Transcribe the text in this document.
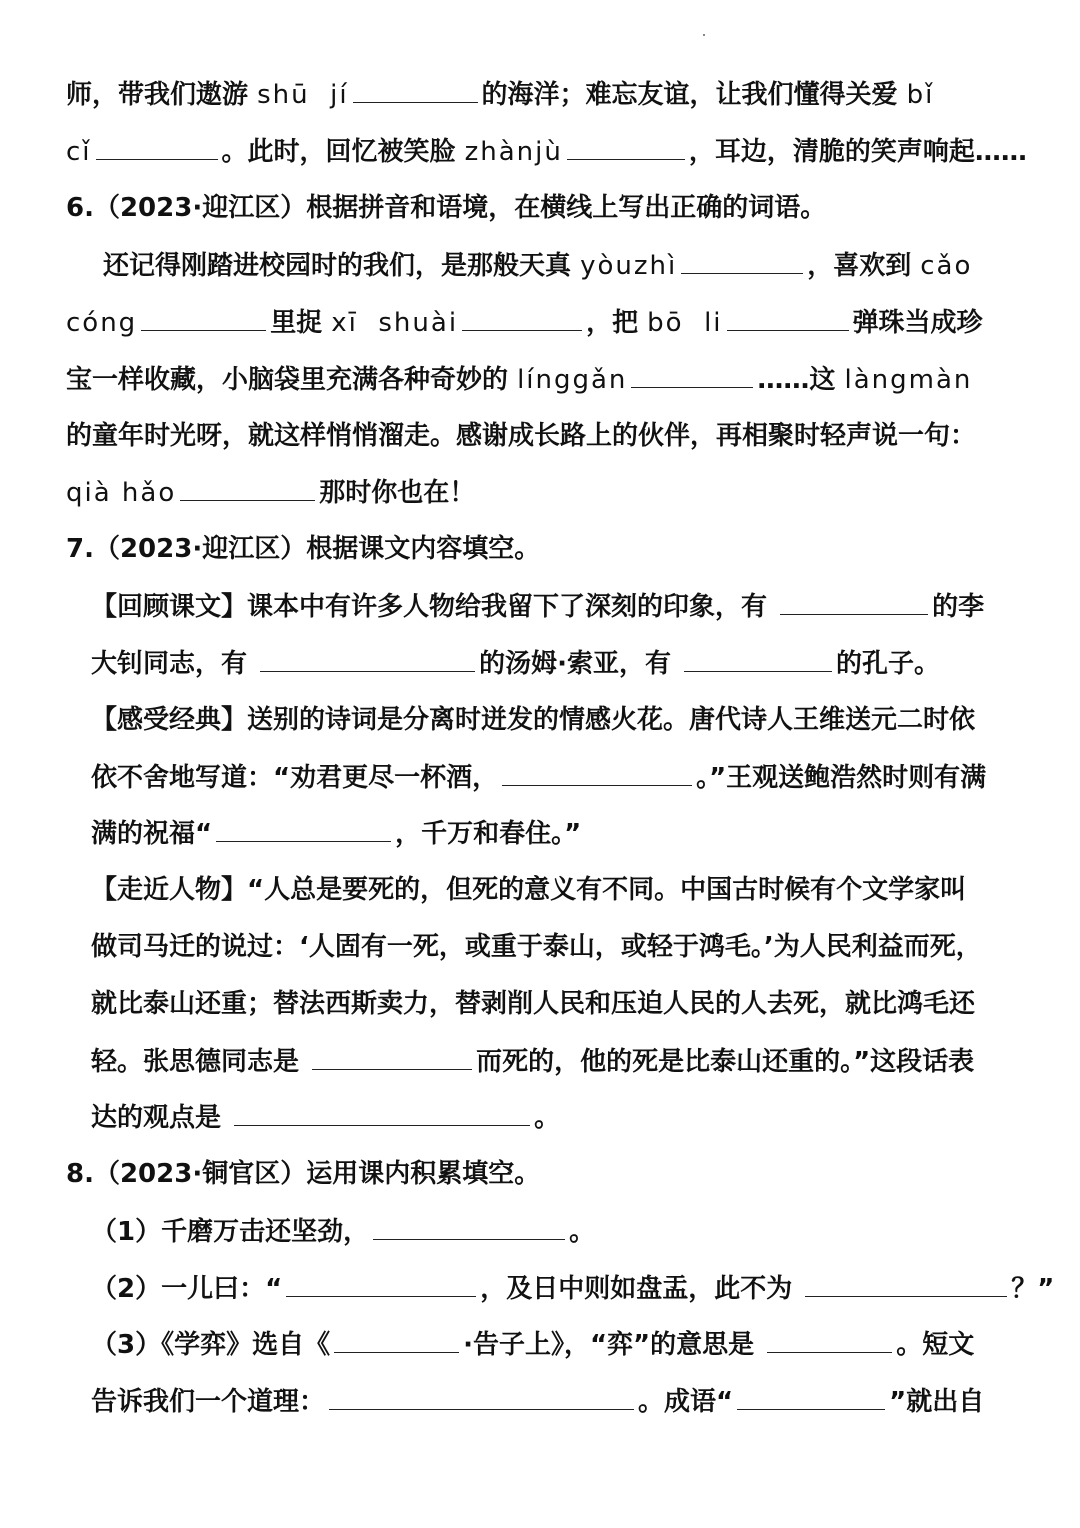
师，带我们遨游 shū  jí	的海洋；难忘友谊，让我们懂得关爱 bǐ
cǐ	。此时，回忆被笑脸 zhànjù	，耳边，清脆的笑声响起……
6.（2023·迎江区）根据拼音和语境，在横线上写出正确的词语。
还记得刚踏进校园时的我们，是那般天真 yòuzhì	，喜欢到 cǎo
cóng	里捉 xī  shuài	，把 bō  li	弹珠当成珍
宝一样收藏，小脑袋里充满各种奇妙的 línggǎn	……这 làngmàn
的童年时光呀，就这样悄悄溜走。感谢成长路上的伙伴，再相聚时轻声说一句：
qià hǎo	那时你也在！
7.（2023·迎江区）根据课文内容填空。
【回顾课文】课本中有许多人物给我留下了深刻的印象，有	的李
大钊同志，有	的汤姆·索亚，有	的孔子。
【感受经典】送别的诗词是分离时迸发的情感火花。唐代诗人王维送元二时依
依不舍地写道：“劝君更尽一杯酒，	。”王观送鲍浩然时则有满
满的祝福“	，千万和春住。”
【走近人物】“人总是要死的，但死的意义有不同。中国古时候有个文学家叫
做司马迁的说过：‘人固有一死，或重于泰山，或轻于鸿毛。’为人民利益而死，
就比泰山还重；替法西斯卖力，替剥削人民和压迫人民的人去死，就比鸿毛还
轻。张思德同志是	而死的，他的死是比泰山还重的。”这段话表
达的观点是	。
8.（2023·铜官区）运用课内积累填空。
（1）千磨万击还坚劲，	。
（2）一儿曰：“	，及日中则如盘盂，此不为	？”
（3）《学弈》选自《	·告子上》，“弈”的意思是	。短文
告诉我们一个道理：	。成语“	”就出自
